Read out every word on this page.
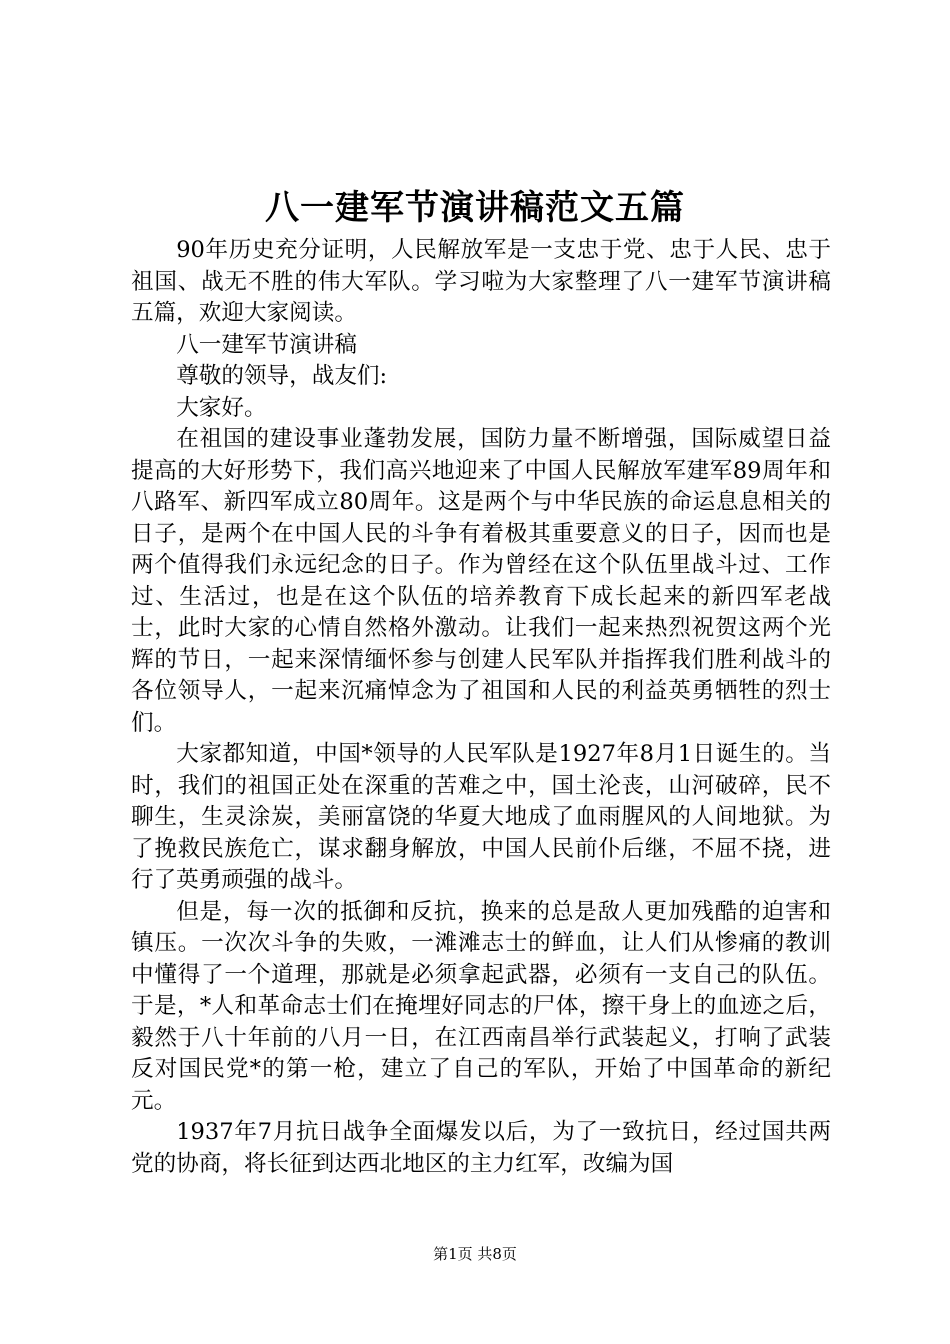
八一建军节演讲稿范文五篇

90年历史充分证明，人民解放军是一支忠于党、忠于人民、忠于祖国、战无不胜的伟大军队。学习啦为大家整理了八一建军节演讲稿五篇，欢迎大家阅读。

八一建军节演讲稿

尊敬的领导，战友们:

大家好。

在祖国的建设事业蓬勃发展，国防力量不断增强，国际威望日益提高的大好形势下，我们高兴地迎来了中国人民解放军建军89周年和八路军、新四军成立80周年。这是两个与中华民族的命运息息相关的日子，是两个在中国人民的斗争有着极其重要意义的日子，因而也是两个值得我们永远纪念的日子。作为曾经在这个队伍里战斗过、工作过、生活过，也是在这个队伍的培养教育下成长起来的新四军老战士，此时大家的心情自然格外激动。让我们一起来热烈祝贺这两个光辉的节日，一起来深情缅怀参与创建人民军队并指挥我们胜利战斗的各位领导人，一起来沉痛悼念为了祖国和人民的利益英勇牺牲的烈士们。

大家都知道，中国*领导的人民军队是1927年8月1日诞生的。当时，我们的祖国正处在深重的苦难之中，国土沦丧，山河破碎，民不聊生，生灵涂炭，美丽富饶的华夏大地成了血雨腥风的人间地狱。为了挽救民族危亡，谋求翻身解放，中国人民前仆后继，不屈不挠，进行了英勇顽强的战斗。

但是，每一次的抵御和反抗，换来的总是敌人更加残酷的迫害和镇压。一次次斗争的失败，一滩滩志士的鲜血，让人们从惨痛的教训中懂得了一个道理，那就是必须拿起武器，必须有一支自己的队伍。于是，*人和革命志士们在掩埋好同志的尸体，擦干身上的血迹之后，毅然于八十年前的八月一日，在江西南昌举行武装起义，打响了武装反对国民党*的第一枪，建立了自己的军队，开始了中国革命的新纪元。

1937年7月抗日战争全面爆发以后，为了一致抗日，经过国共两党的协商，将长征到达西北地区的主力红军，改编为国

第1页 共8页
